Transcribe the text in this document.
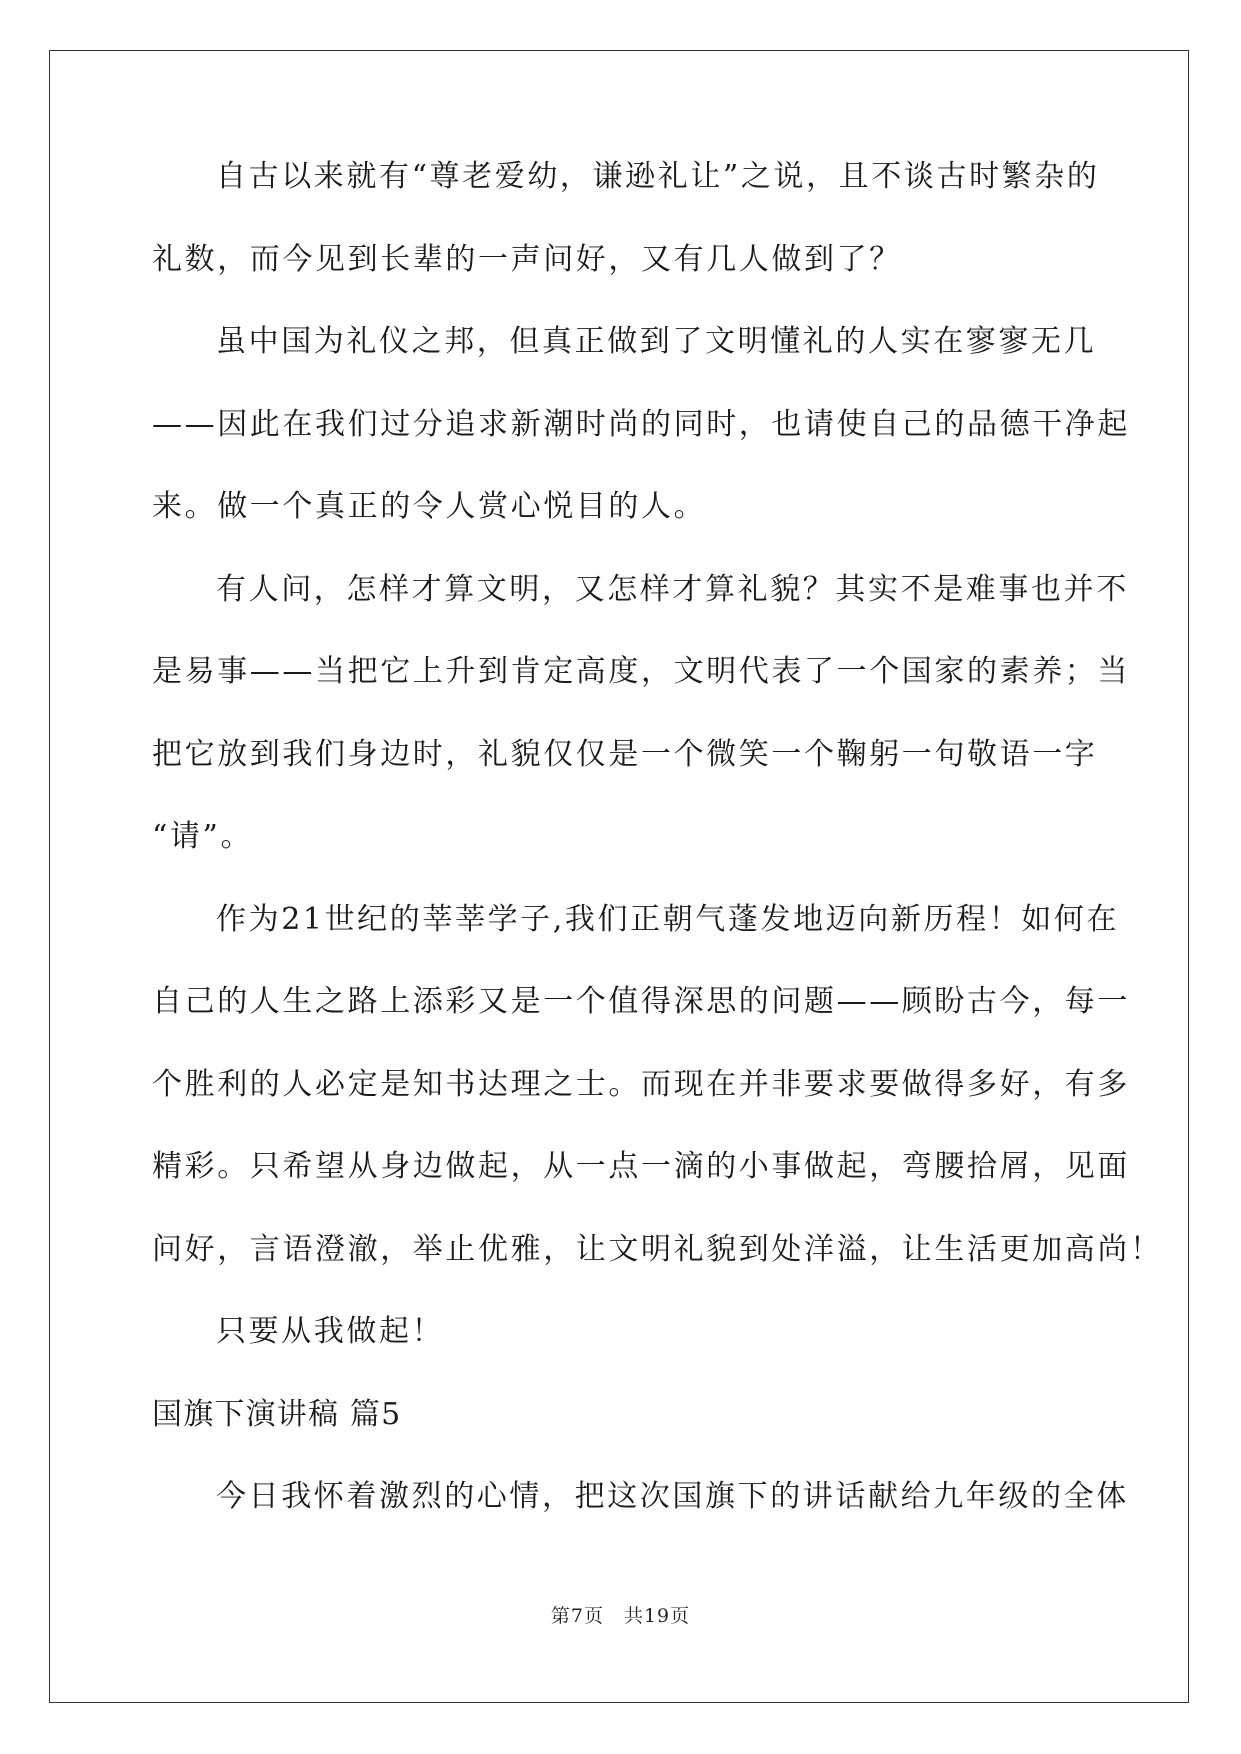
自古以来就有“尊老爱幼，谦逊礼让”之说，且不谈古时繁杂的
礼数，而今见到长辈的一声问好，又有几人做到了？
虽中国为礼仪之邦，但真正做到了文明懂礼的人实在寥寥无几
——因此在我们过分追求新潮时尚的同时，也请使自己的品德干净起
来。做一个真正的令人赏心悦目的人。
有人问，怎样才算文明，又怎样才算礼貌？其实不是难事也并不
是易事——当把它上升到肯定高度，文明代表了一个国家的素养；当
把它放到我们身边时，礼貌仅仅是一个微笑一个鞠躬一句敬语一字
“请”。
作为21世纪的莘莘学子,我们正朝气蓬发地迈向新历程！如何在
自己的人生之路上添彩又是一个值得深思的问题——顾盼古今，每一
个胜利的人必定是知书达理之士。而现在并非要求要做得多好，有多
精彩。只希望从身边做起，从一点一滴的小事做起，弯腰拾屑，见面
问好，言语澄澈，举止优雅，让文明礼貌到处洋溢，让生活更加高尚！
只要从我做起！
国旗下演讲稿 篇5
今日我怀着激烈的心情，把这次国旗下的讲话献给九年级的全体
第7页　共19页
